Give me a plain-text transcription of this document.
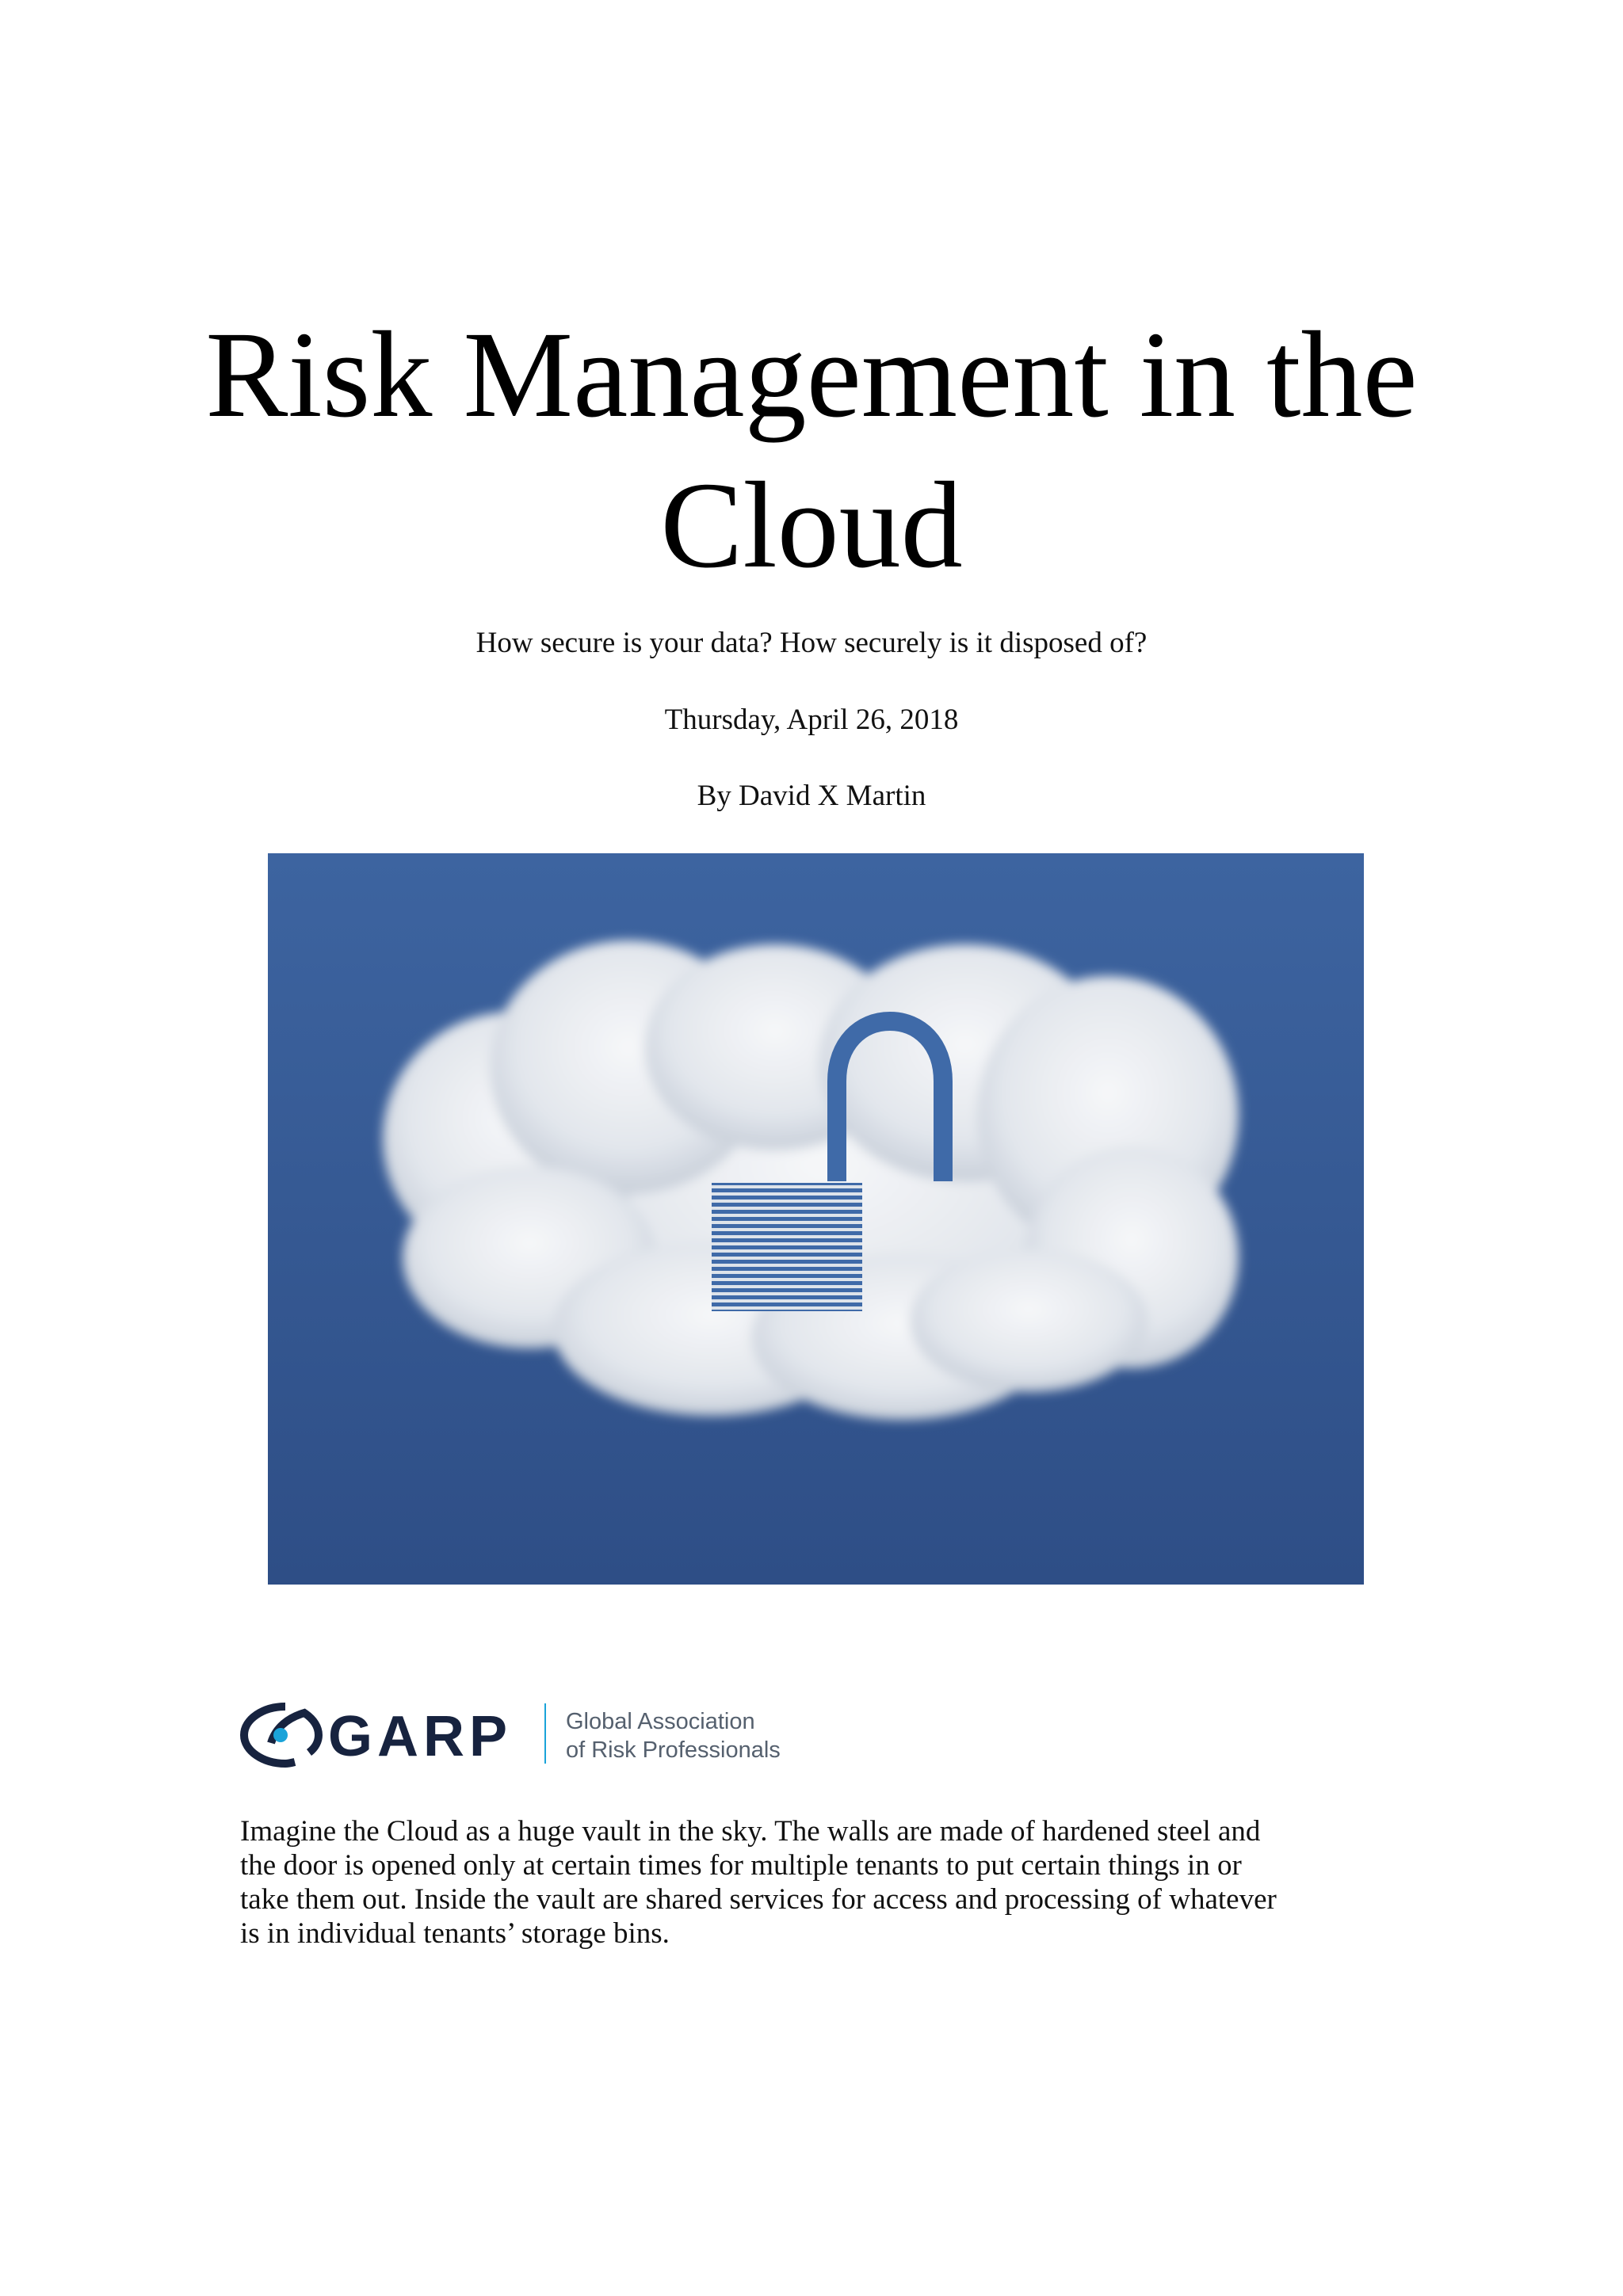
Risk Management in the Cloud
How secure is your data? How securely is it disposed of?
Thursday, April 26, 2018
By David X Martin
GARP Global Association
of Risk Professionals

Imagine the Cloud as a huge vault in the sky. The walls are made of hardened steel and
the door is opened only at certain times for multiple tenants to put certain things in or
take them out. Inside the vault are shared services for access and processing of whatever
is in individual tenants’ storage bins.
